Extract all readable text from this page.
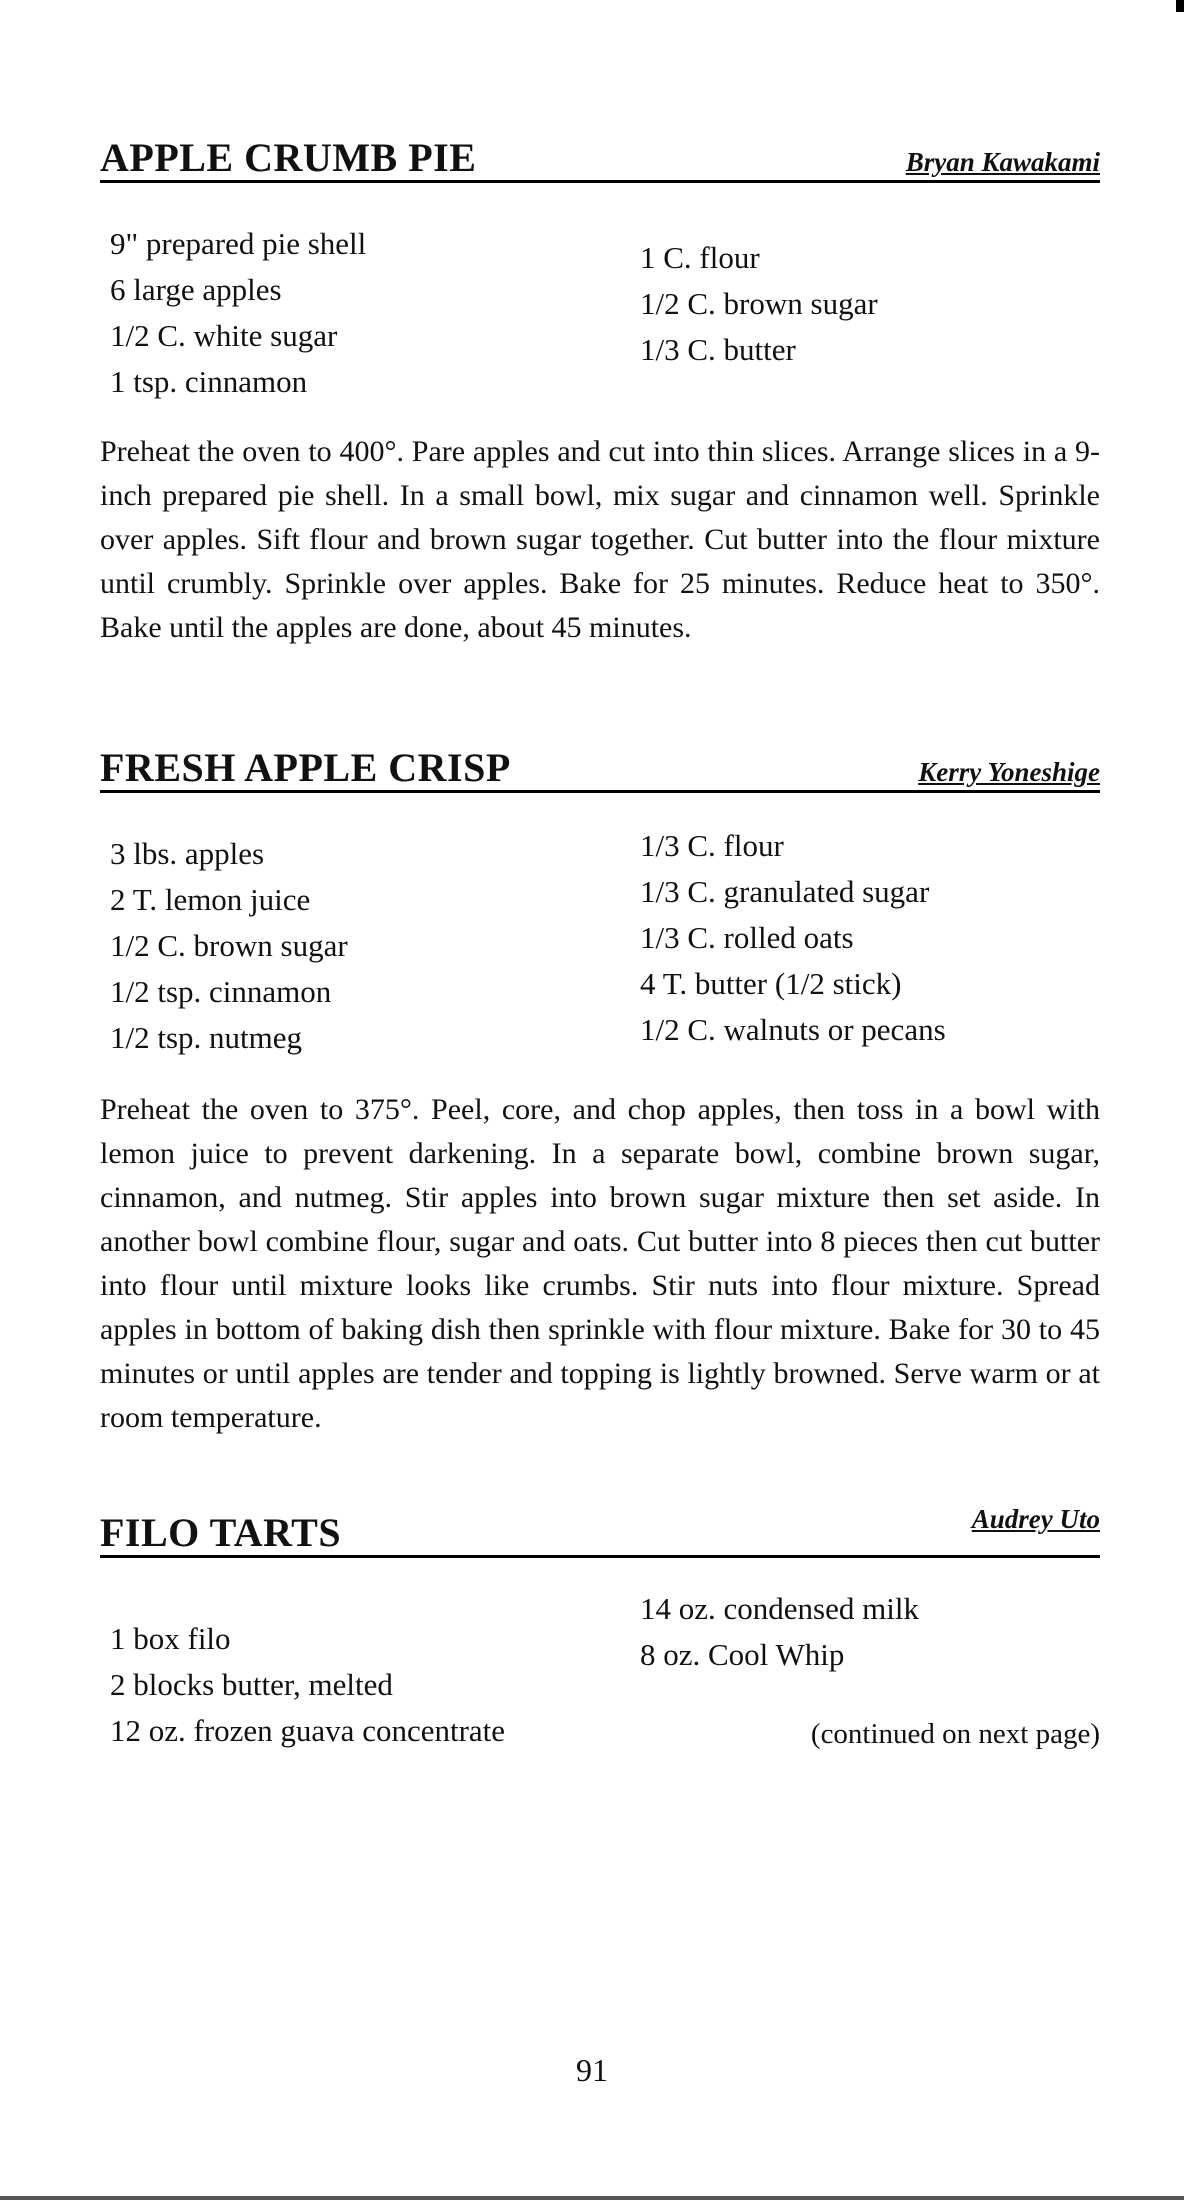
APPLE CRUMB PIE	Bryan Kawakami
9" prepared pie shell
6 large apples
1/2 C. white sugar
1 tsp. cinnamon
1 C. flour
1/2 C. brown sugar
1/3 C. butter

Preheat the oven to 400°. Pare apples and cut into thin slices. Arrange slices in a 9-inch prepared pie shell. In a small bowl, mix sugar and cinnamon well. Sprinkle over apples. Sift flour and brown sugar together. Cut butter into the flour mixture until crumbly. Sprinkle over apples. Bake for 25 minutes. Reduce heat to 350°. Bake until the apples are done, about 45 minutes.

FRESH APPLE CRISP	Kerry Yoneshige
3 lbs. apples
2 T. lemon juice
1/2 C. brown sugar
1/2 tsp. cinnamon
1/2 tsp. nutmeg
1/3 C. flour
1/3 C. granulated sugar
1/3 C. rolled oats
4 T. butter (1/2 stick)
1/2 C. walnuts or pecans

Preheat the oven to 375°. Peel, core, and chop apples, then toss in a bowl with lemon juice to prevent darkening. In a separate bowl, combine brown sugar, cinnamon, and nutmeg. Stir apples into brown sugar mixture then set aside. In another bowl combine flour, sugar and oats. Cut butter into 8 pieces then cut butter into flour until mixture looks like crumbs. Stir nuts into flour mixture. Spread apples in bottom of baking dish then sprinkle with flour mixture. Bake for 30 to 45 minutes or until apples are tender and topping is lightly browned. Serve warm or at room temperature.

FILO TARTS	Audrey Uto
1 box filo
2 blocks butter, melted
12 oz. frozen guava concentrate
14 oz. condensed milk
8 oz. Cool Whip
(continued on next page)
91
